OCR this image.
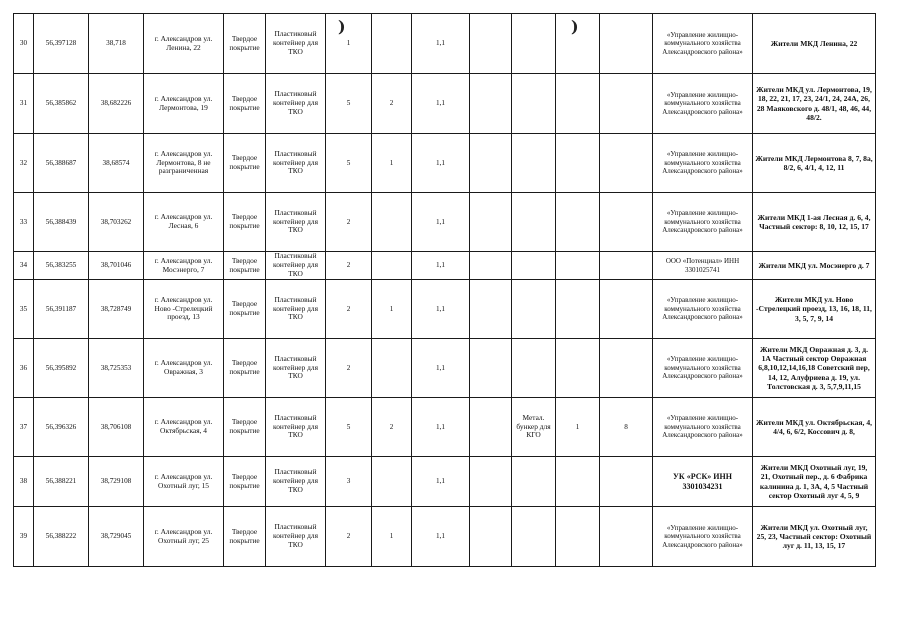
30	56,397128	38,718	г. Александров ул. Ленина, 22	Твердое покрытие	Пластиковый контейнер для ТКО	1		1,1					«Управление жилищно-коммунального хозяйства Александровского района»	Жители МКД Ленина, 22
31	56,385862	38,682226	г. Александров ул. Лермонтова, 19	Твердое покрытие	Пластиковый контейнер для ТКО	5	2	1,1					«Управление жилищно-коммунального хозяйства Александровского района»	Жители МКД ул. Лермонтова, 19, 18, 22, 21, 17, 23, 24/1, 24, 24А, 26, 28 Маяковского д. 48/1, 48, 46, 44, 48/2.
32	56,388687	38,68574	г. Александров ул. Лермонтова, 8 не разграниченная	Твердое покрытие	Пластиковый контейнер для ТКО	5	1	1,1					«Управление жилищно-коммунального хозяйства Александровского района»	Жители МКД Лермонтова 8, 7, 8а, 8/2, 6, 4/1, 4, 12, 11
33	56,388439	38,703262	г. Александров ул. Лесная, 6	Твердое покрытие	Пластиковый контейнер для ТКО	2		1,1					«Управление жилищно-коммунального хозяйства Александровского района»	Жители МКД 1-ая Лесная д. 6, 4, Частный сектор: 8, 10, 12, 15, 17
34	56,383255	38,701046	г. Александров ул. Мосэнерго, 7	Твердое покрытие	Пластиковый контейнер для ТКО	2		1,1					ООО «Потенциал» ИНН 3301025741	Жители МКД ул. Мосэнерго д. 7
35	56,391187	38,728749	г. Александров ул. Ново -Стрелецкий проезд, 13	Твердое покрытие	Пластиковый контейнер для ТКО	2	1	1,1					«Управление жилищно-коммунального хозяйства Александровского района»	Жители МКД ул. Ново -Стрелецкий проезд, 13, 16, 18, 11, 3, 5, 7, 9, 14
36	56,395892	38,725353	г. Александров ул. Овражная, 3	Твердое покрытие	Пластиковый контейнер для ТКО	2		1,1					«Управление жилищно-коммунального хозяйства Александровского района»	Жители МКД Овражная д. 3, д. 1А Частный сектор Овражная 6,8,10,12,14,16,18 Советский пер, 14, 12, Алуфриева д. 19, ул. Толстовская д. 3, 5,7,9,11,15
37	56,396326	38,706108	г. Александров ул. Октябрьская, 4	Твердое покрытие	Пластиковый контейнер для ТКО	5	2	1,1		Метал. бункер для КГО	1	8	«Управление жилищно-коммунального хозяйства Александровского района»	Жители МКД ул. Октябрьская, 4, 4/4, 6, 6/2, Коссович д. 8,
38	56,388221	38,729108	г. Александров ул. Охотный луг, 15	Твердое покрытие	Пластиковый контейнер для ТКО	3		1,1					УК «РСК» ИНН 3301034231	Жители МКД Охотный луг, 19, 21, Охотный пер., д. 6 Фабрика калинина д. 1, 3А, 4, 5 Частный сектор Охотный луг 4, 5, 9
39	56,388222	38,729045	г. Александров ул. Охотный луг, 25	Твердое покрытие	Пластиковый контейнер для ТКО	2	1	1,1					«Управление жилищно-коммунального хозяйства Александровского района»	Жители МКД ул. Охотный луг, 25, 23, Частный сектор: Охотный луг д. 11, 13, 15, 17
)	)
